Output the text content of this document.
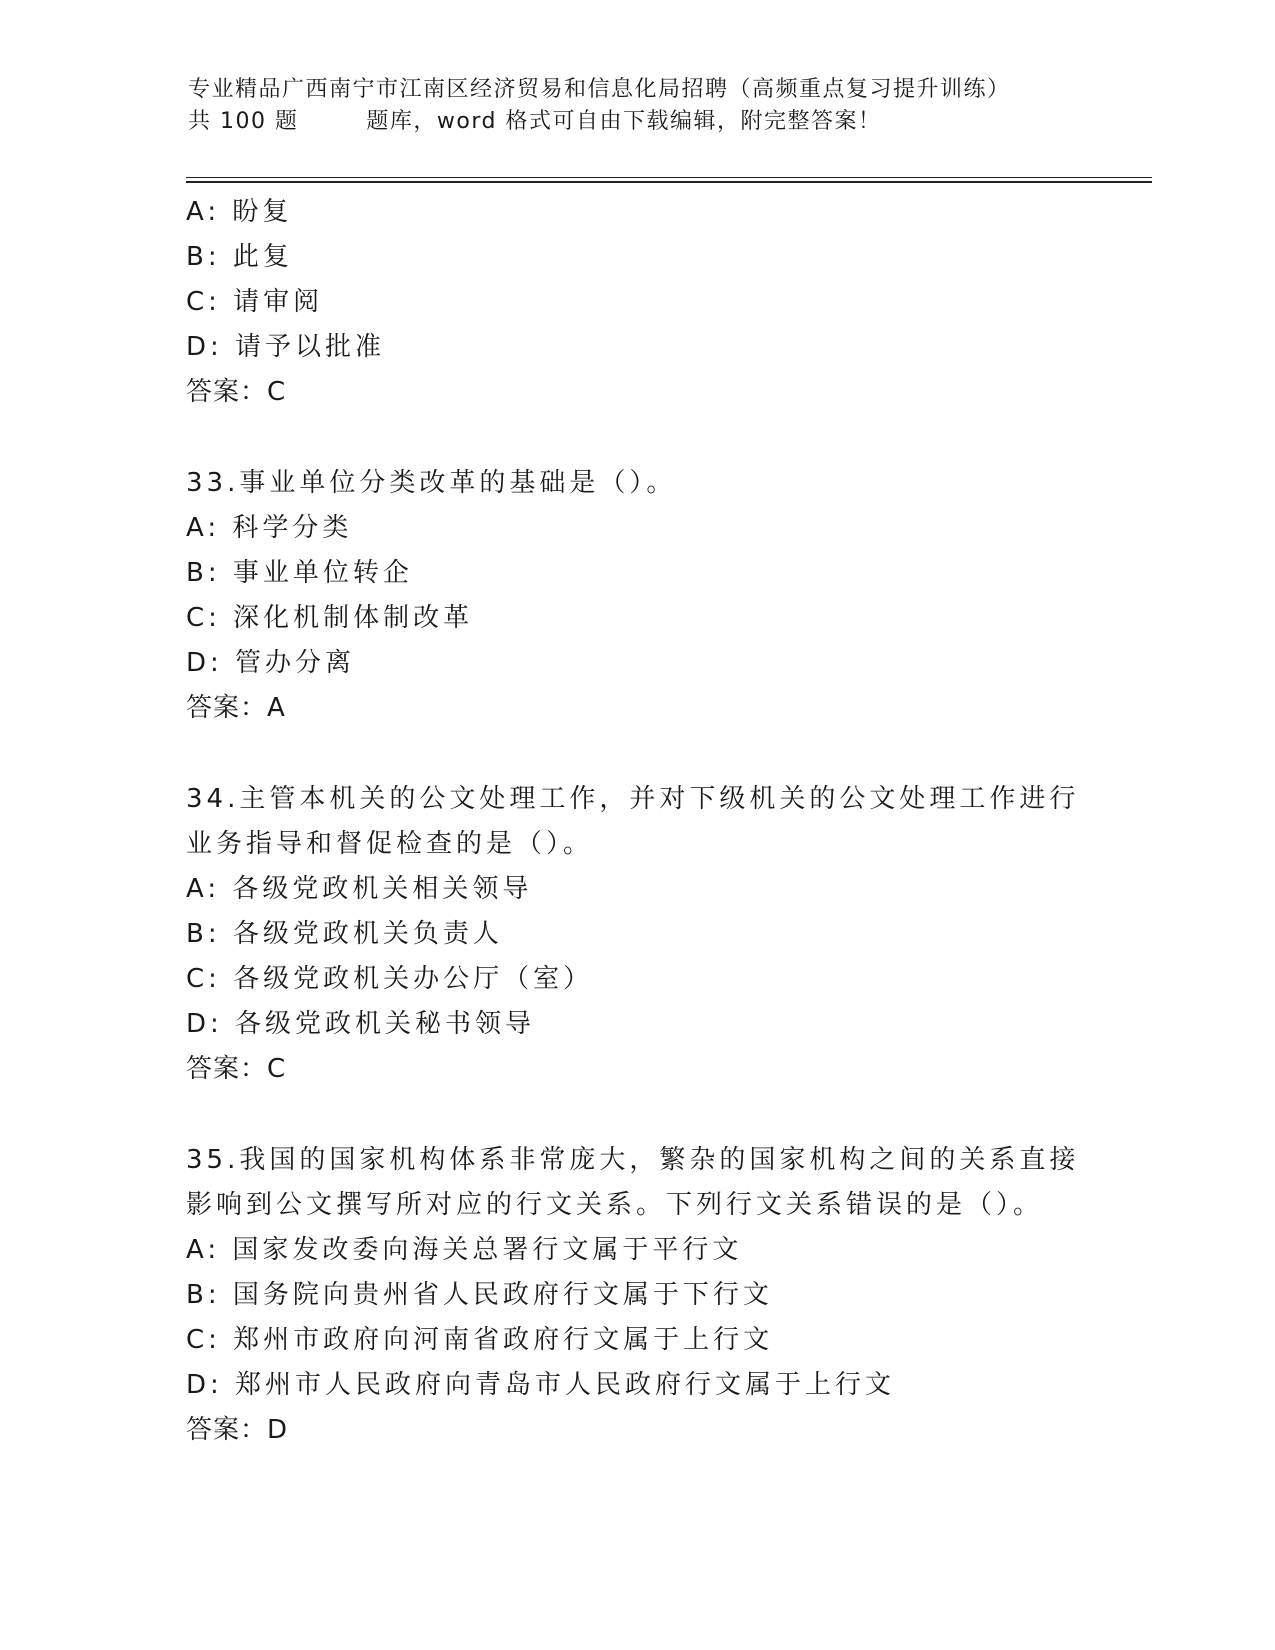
专业精品广西南宁市江南区经济贸易和信息化局招聘（高频重点复习提升训练）
共 100 题        题库，word 格式可自由下载编辑，附完整答案！
A: 盼复
B: 此复
C: 请审阅
D: 请予以批准
答案：C
33.事业单位分类改革的基础是（）。
A: 科学分类
B: 事业单位转企
C: 深化机制体制改革
D: 管办分离
答案：A
34.主管本机关的公文处理工作，并对下级机关的公文处理工作进行业务指导和督促检查的是（）。
A: 各级党政机关相关领导
B: 各级党政机关负责人
C: 各级党政机关办公厅（室）
D: 各级党政机关秘书领导
答案：C
35.我国的国家机构体系非常庞大，繁杂的国家机构之间的关系直接影响到公文撰写所对应的行文关系。下列行文关系错误的是（）。
A: 国家发改委向海关总署行文属于平行文
B: 国务院向贵州省人民政府行文属于下行文
C: 郑州市政府向河南省政府行文属于上行文
D: 郑州市人民政府向青岛市人民政府行文属于上行文
答案：D
